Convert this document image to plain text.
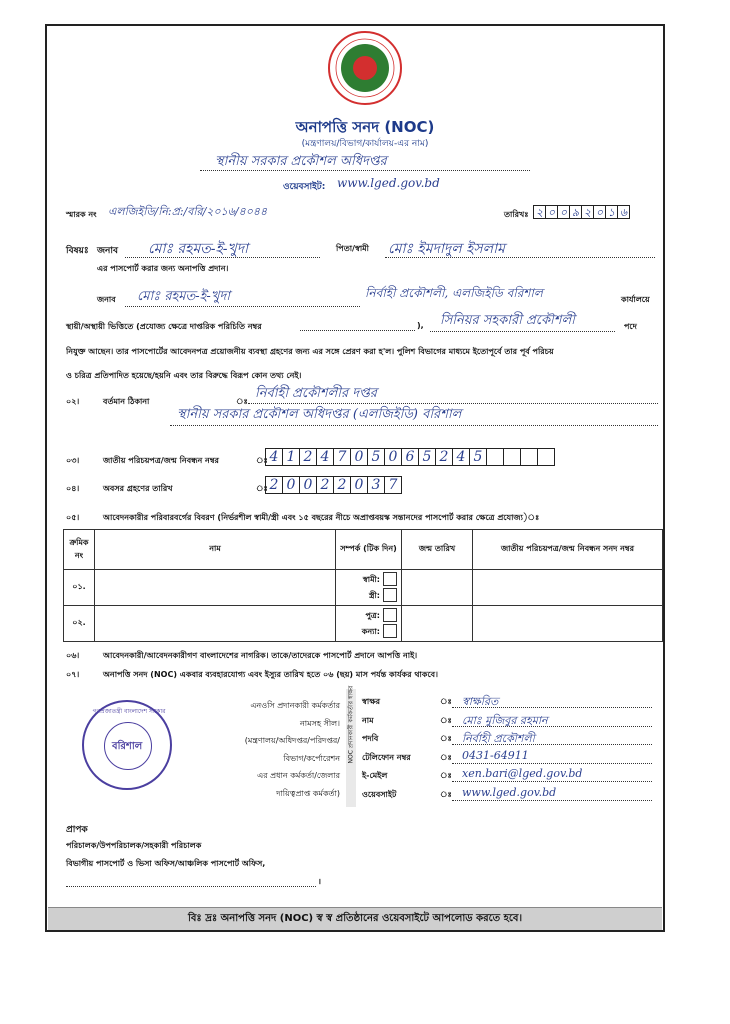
অনাপত্তি সনদ (NOC)
(মন্ত্রণালয়/বিভাগ/কার্যালয়-এর নাম)
স্থানীয় সরকার প্রকৌশল অধিদপ্তর
ওয়েবসাইট: www.lged.gov.bd
স্মারক নং এলজিইডি/নি:প্র:/বরি/২০১৬/৪০৪৪	তারিখঃ ২ ০ ০ ৯ ২ ০ ১ ৬
বিষয়ঃ জনাব মোঃ রহমত-ই-খুদা	পিতা/স্বামী মোঃ ইমদাদুল ইসলাম
এর পাসপোর্ট করার জন্য অনাপত্তি প্রদান।
জনাব মোঃ রহমত-ই-খুদা	নির্বাহী প্রকৌশলী, এলজিইডি বরিশাল	কার্যালয়ে
স্থায়ী/অস্থায়ী ভিত্তিতে (প্রযোজ্য ক্ষেত্রে দাপ্তরিক পরিচিতি নম্বর	), সিনিয়র সহকারী প্রকৌশলী	পদে
নিযুক্ত আছেন। তার পাসপোর্টের আবেদনপত্র প্রয়োজনীয় ব্যবস্থা গ্রহণের জন্য এর সঙ্গে প্রেরণ করা হ'ল। পুলিশ বিভাগের মাধ্যমে ইতোপূর্বে তার পূর্ব পরিচয়
ও চরিত্র প্রতিপাদিত হয়েছে/হয়নি এবং তার বিরুদ্ধে বিরূপ কোন তথ্য নেই।
০২।	বর্তমান ঠিকানা	ঃ
নির্বাহী প্রকৌশলীর দপ্তর
স্থানীয় সরকার প্রকৌশল অধিদপ্তর (এলজিইডি) বরিশাল
০৩।	জাতীয় পরিচয়পত্র/জন্ম নিবন্ধন নম্বর	ঃ 4 1 2 4 7 0 5 0 6 5 2 4 5
০৪।	অবসর গ্রহণের তারিখ	ঃ 2 0 0 2 2 0 3 7
০৫।	আবেদনকারীর পরিবারবর্গের বিবরণ (নির্ভরশীল স্বামী/স্ত্রী এবং ১৫ বছরের নীচে অপ্রাপ্তবয়স্ক সন্তানদের পাসপোর্ট করার ক্ষেত্রে প্রযোজ্য)ঃ
ক্রমিক নং	নাম	সম্পর্ক (টিক দিন)	জন্ম তারিখ	জাতীয় পরিচয়পত্র/জন্ম নিবন্ধন সনদ নম্বর
০১.		স্বামী:
স্ত্রী:		
০২.		পুত্র:
কন্যা:		
০৬।	আবেদনকারী/আবেদনকারীগণ বাংলাদেশের নাগরিক। তাকে/তাদেরকে পাসপোর্ট প্রদানে আপত্তি নাই।
০৭।	অনাপত্তি সনদ (NOC) একবার ব্যবহারযোগ্য এবং ইস্যুর তারিখ হতে ০৬ (ছয়) মাস পর্যন্ত কার্যকর থাকবে।
বরিশাল
গণপ্রজাতন্ত্রী বাংলাদেশ সরকার
এনওসি প্রদানকারী কর্মকর্তার
নামসহ সীল।
(মন্ত্রণালয়/অধিদপ্তর/পরিদপ্তর/
বিভাগ/কর্পোরেশন
এর প্রধান কর্মকর্তা/জেলার
দায়িত্বপ্রাপ্ত কর্মকর্তা)
NOC প্রদানকারী কর্মকর্তার স্বাক্ষর স্বাক্ষর	ঃ স্বাক্ষরিত
নাম	ঃ মোঃ মুজিবুর রহমান
পদবি	ঃ নির্বাহী প্রকৌশলী
টেলিফোন নম্বর	ঃ 0431-64911
ই-মেইল	ঃ xen.bari@lged.gov.bd
ওয়েবসাইট	ঃ www.lged.gov.bd
প্রাপক
পরিচালক/উপপরিচালক/সহকারী পরিচালক
বিভাগীয় পাসপোর্ট ও ভিসা অফিস/আঞ্চলিক পাসপোর্ট অফিস,
।
বিঃ দ্রঃ অনাপত্তি সনদ (NOC) স্ব স্ব প্রতিষ্ঠানের ওয়েবসাইটে আপলোড করতে হবে।
